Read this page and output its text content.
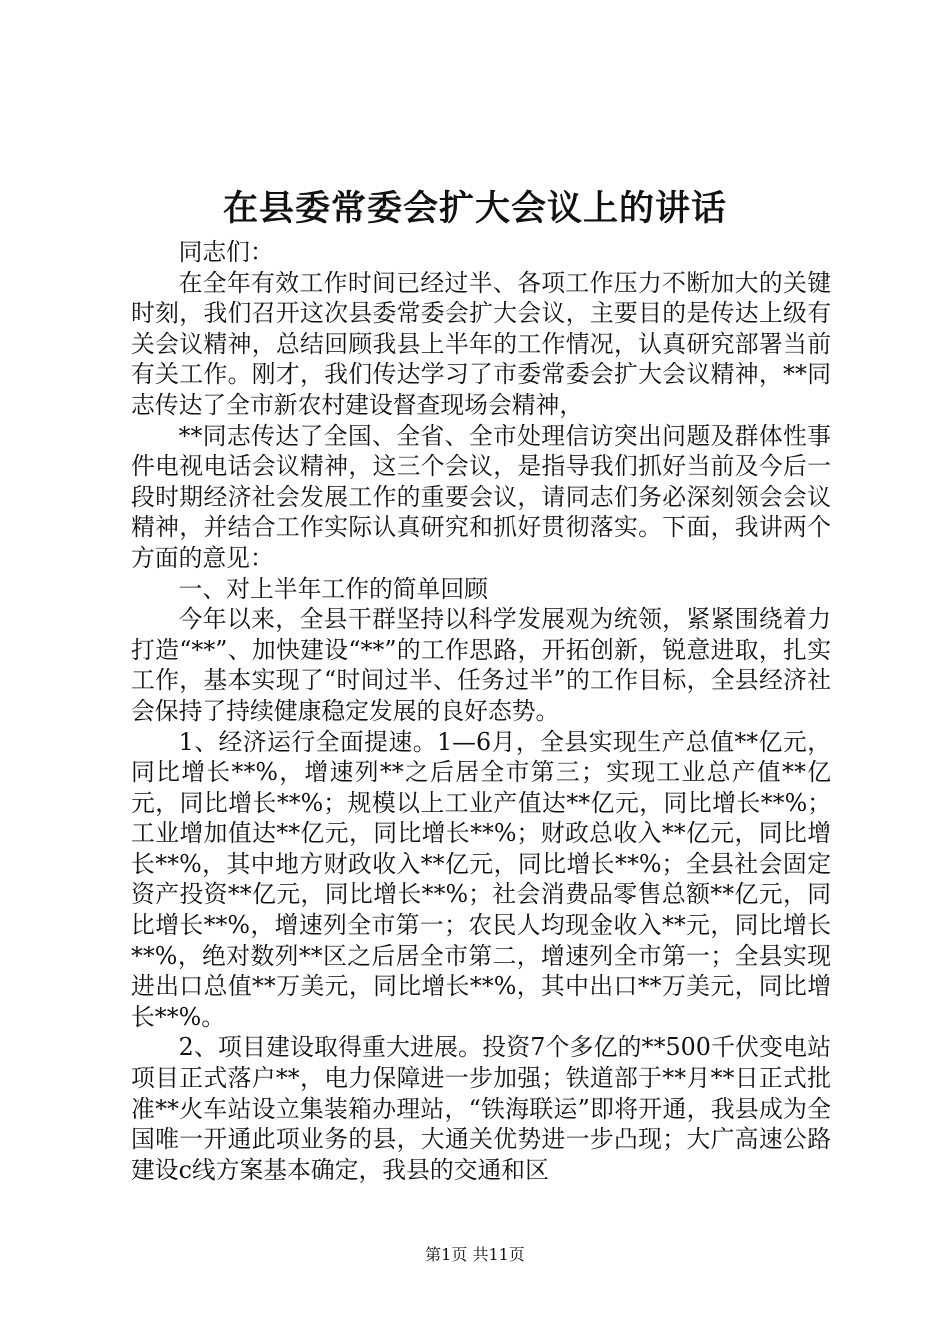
在县委常委会扩大会议上的讲话

同志们：

在全年有效工作时间已经过半、各项工作压力不断加大的关键时刻，我们召开这次县委常委会扩大会议，主要目的是传达上级有关会议精神，总结回顾我县上半年的工作情况，认真研究部署当前有关工作。刚才，我们传达学习了市委常委会扩大会议精神，**同志传达了全市新农村建设督查现场会精神，

**同志传达了全国、全省、全市处理信访突出问题及群体性事件电视电话会议精神，这三个会议，是指导我们抓好当前及今后一段时期经济社会发展工作的重要会议，请同志们务必深刻领会会议精神，并结合工作实际认真研究和抓好贯彻落实。下面，我讲两个方面的意见：

一、对上半年工作的简单回顾

今年以来，全县干群坚持以科学发展观为统领，紧紧围绕着力打造“**”、加快建设“**”的工作思路，开拓创新，锐意进取，扎实工作，基本实现了“时间过半、任务过半”的工作目标，全县经济社会保持了持续健康稳定发展的良好态势。

1、经济运行全面提速。1—6月，全县实现生产总值**亿元，同比增长**%，增速列**之后居全市第三；实现工业总产值**亿元，同比增长**%；规模以上工业产值达**亿元，同比增长**%；工业增加值达**亿元，同比增长**%；财政总收入**亿元，同比增长**%，其中地方财政收入**亿元，同比增长**%；全县社会固定资产投资**亿元，同比增长**%；社会消费品零售总额**亿元，同比增长**%，增速列全市第一；农民人均现金收入**元，同比增长**%，绝对数列**区之后居全市第二，增速列全市第一；全县实现进出口总值**万美元，同比增长**%，其中出口**万美元，同比增长**%。

2、项目建设取得重大进展。投资7个多亿的**500千伏变电站项目正式落户**，电力保障进一步加强；铁道部于**月**日正式批准**火车站设立集装箱办理站，“铁海联运”即将开通，我县成为全国唯一开通此项业务的县，大通关优势进一步凸现；大广高速公路建设c线方案基本确定，我县的交通和区

第1页 共11页
